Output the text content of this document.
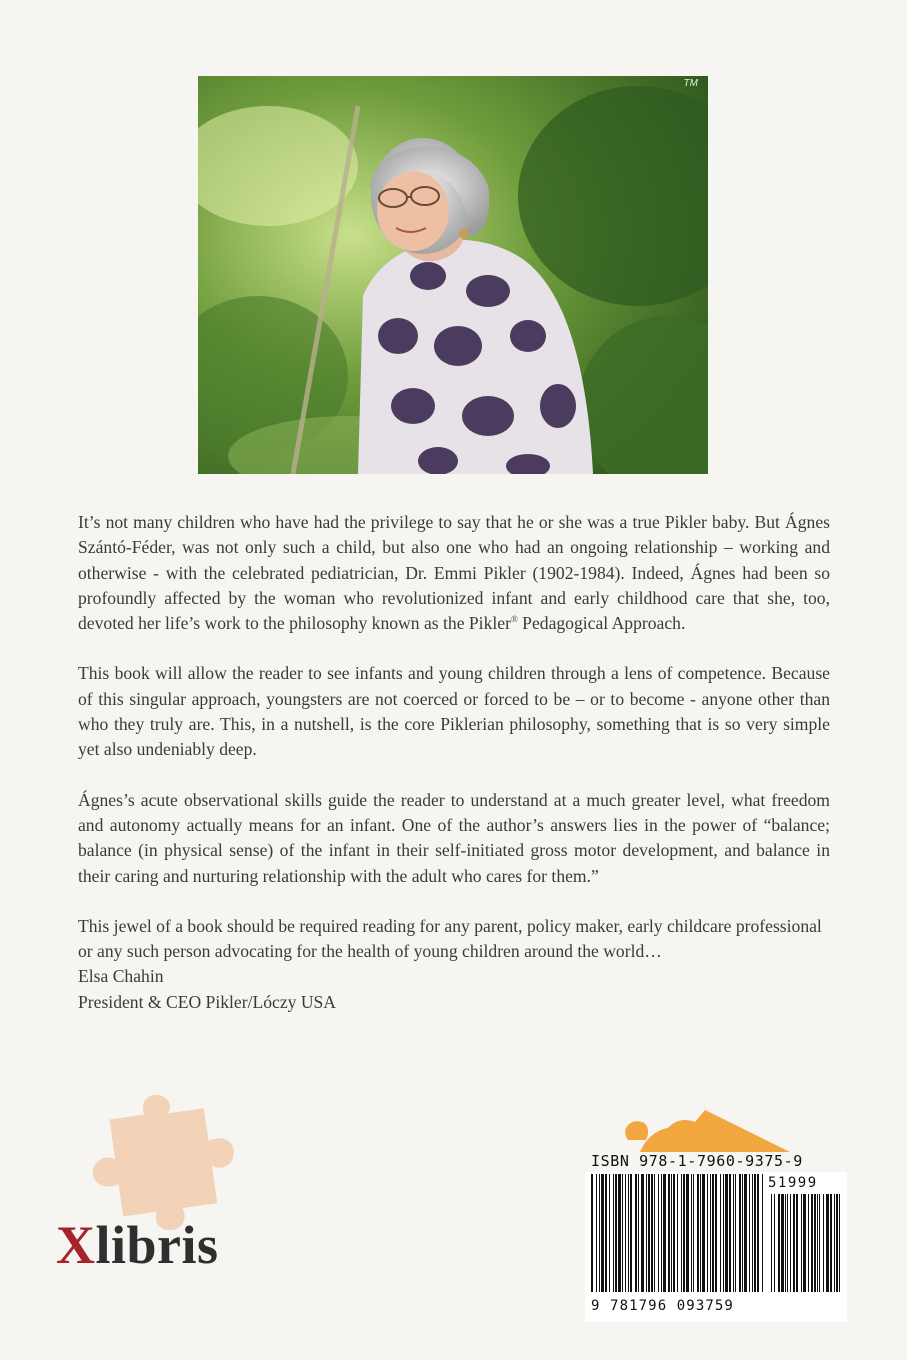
TM

It’s not many children who have had the privilege to say that he or she was a true Pikler baby. But Ágnes Szántó-Féder, was not only such a child, but also one who had an ongoing relationship – working and otherwise - with the celebrated pediatrician, Dr. Emmi Pikler (1902-1984). Indeed, Ágnes had been so profoundly affected by the woman who revolutionized infant and early childhood care that she, too, devoted her life’s work to the philosophy known as the Pikler® Pedagogical Approach.

This book will allow the reader to see infants and young children through a lens of competence. Because of this singular approach, youngsters are not coerced or forced to be – or to become - anyone other than who they truly are. This, in a nutshell, is the core Piklerian philosophy, something that is so very simple yet also undeniably deep.

Ágnes’s acute observational skills guide the reader to understand at a much greater level, what freedom and autonomy actually means for an infant. One of the author’s answers lies in the power of “balance; balance (in physical sense) of the infant in their self-initiated gross motor development, and balance in their caring and nurturing relationship with the adult who cares for them.”

This jewel of a book should be required reading for any parent, policy maker, early childcare professional or any such person advocating for the health of young children around the world…
Elsa Chahin
President & CEO Pikler/Lóczy USA

Xlibris
ISBN 978-1-7960-9375-9
51999
9 781796 093759
